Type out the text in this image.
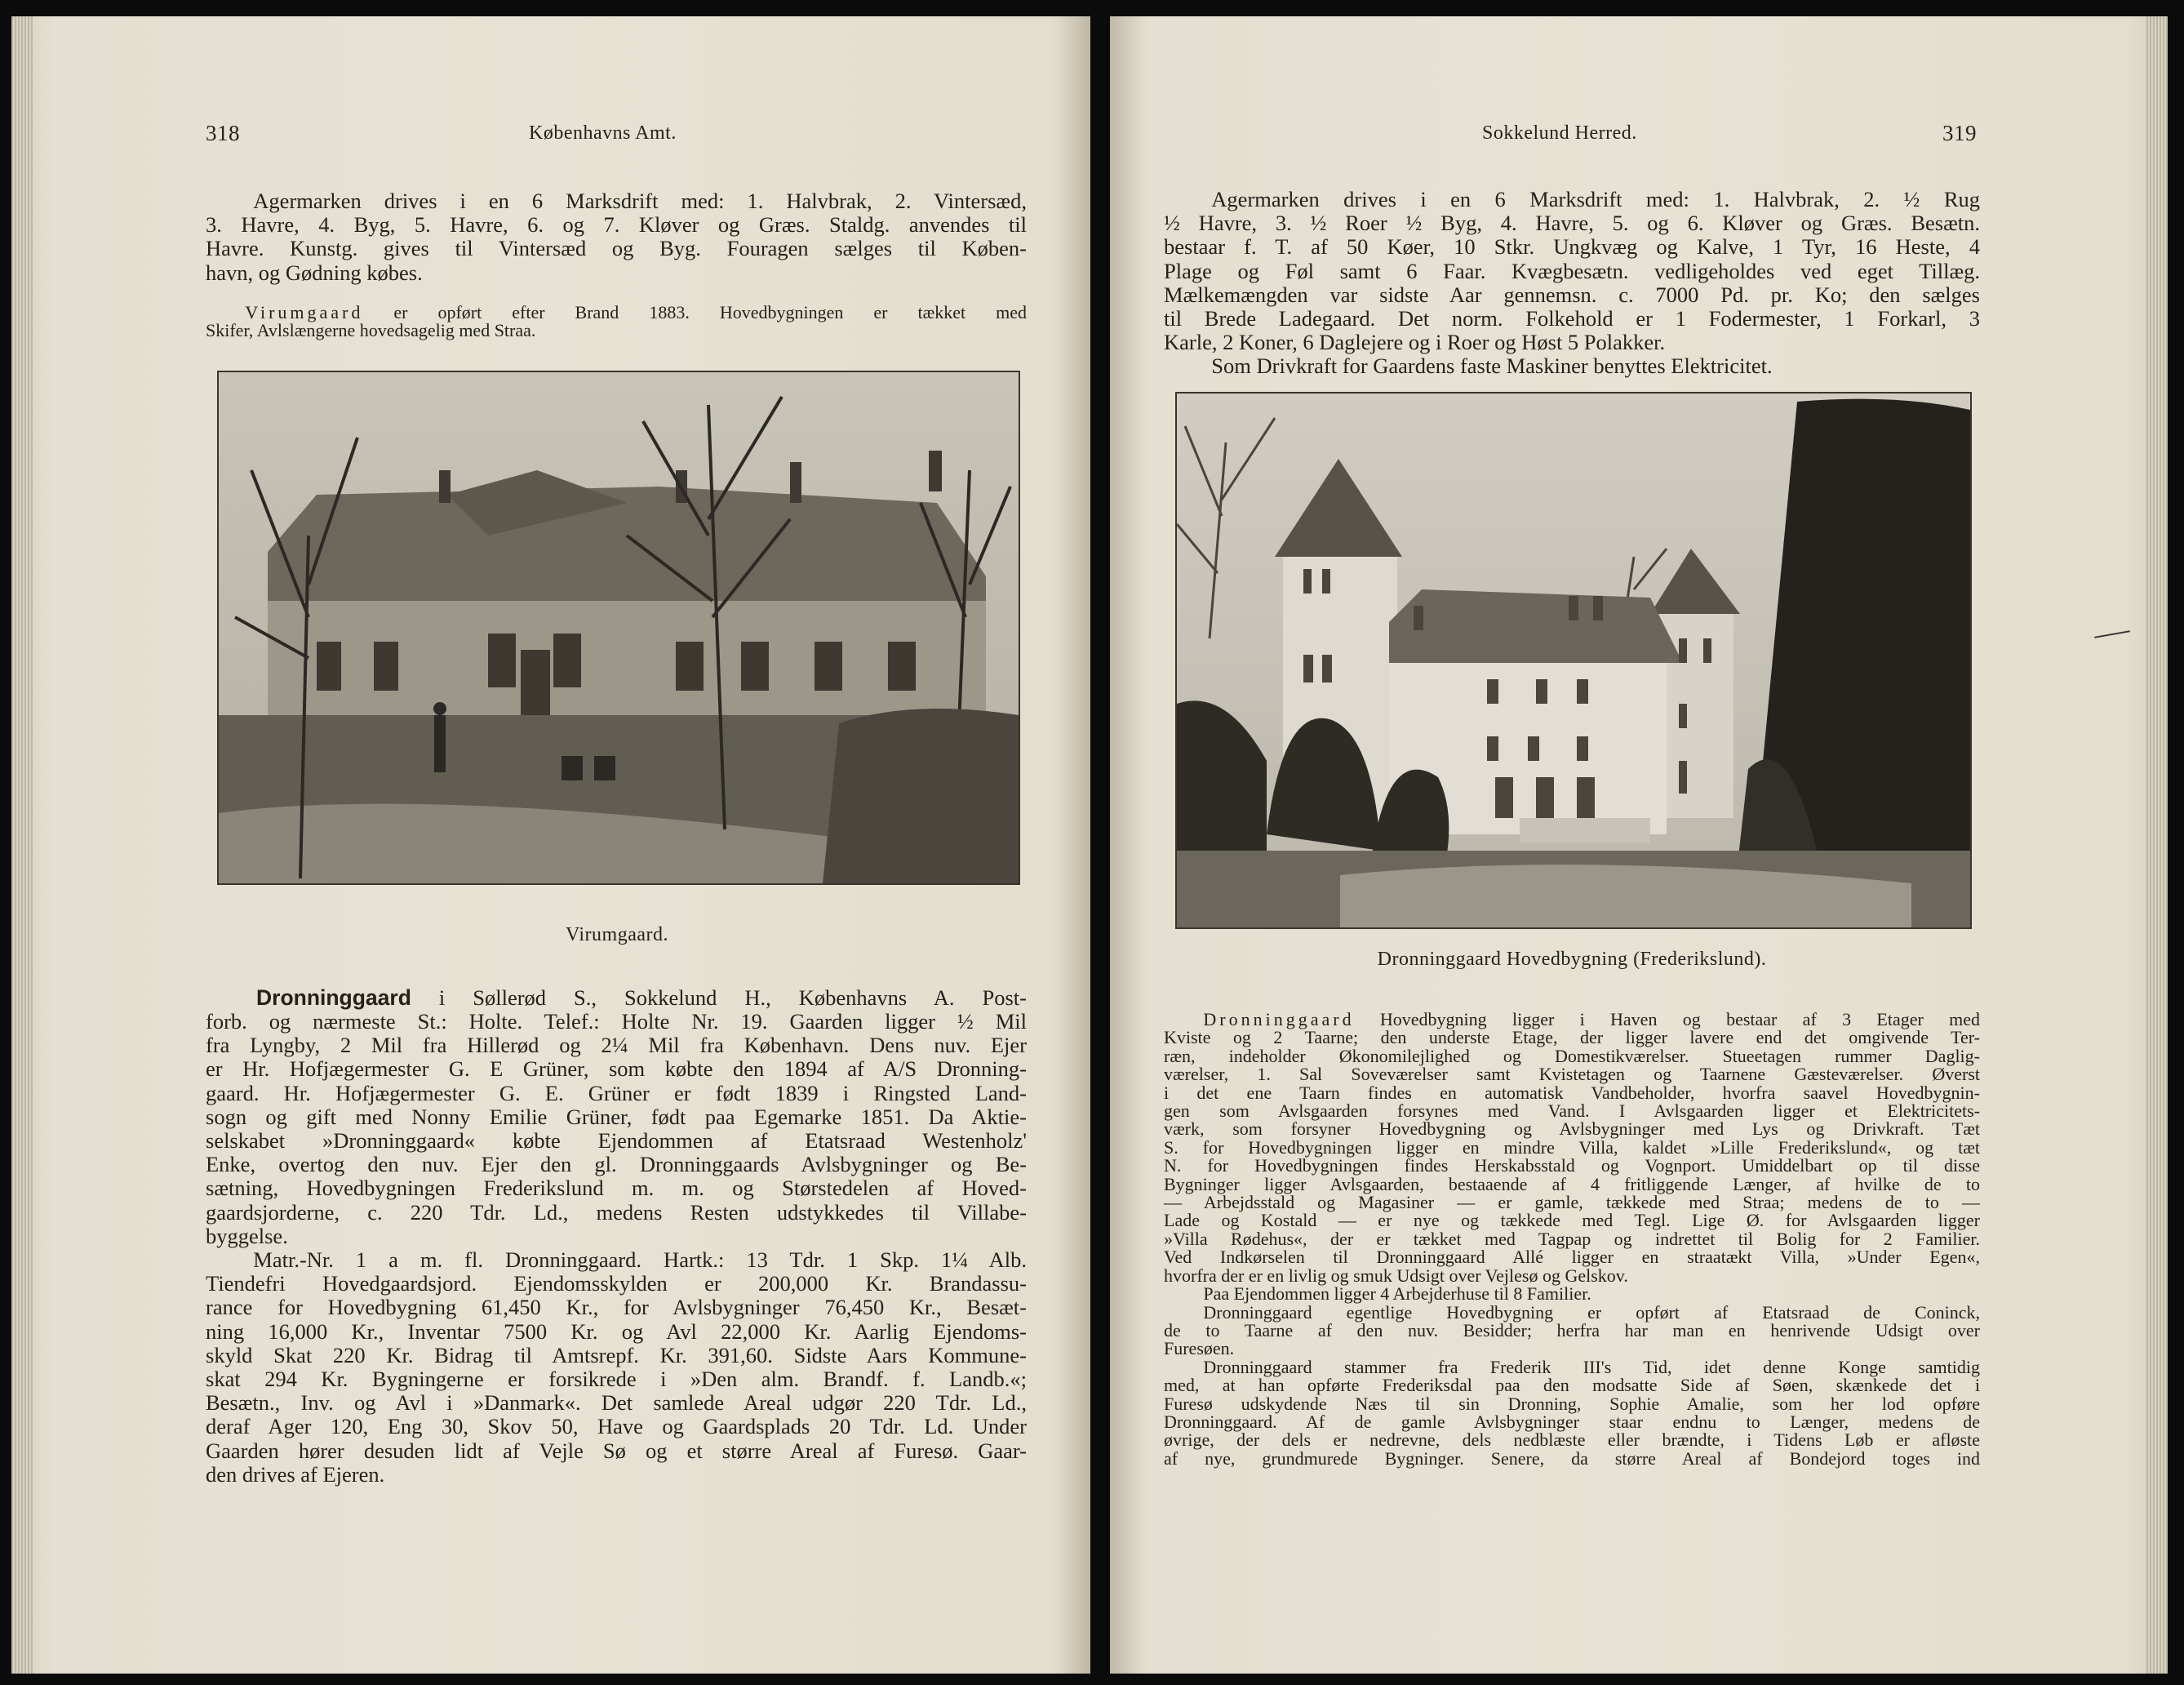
318	Københavns Amt.

Agermarken drives i en 6 Marksdrift med: 1. Halvbrak, 2. Vintersæd,

3. Havre, 4. Byg, 5. Havre, 6. og 7. Kløver og Græs. Staldg. anvendes til

Havre. Kunstg. gives til Vintersæd og Byg. Fouragen sælges til Køben-

havn, og Gødning købes.

Virumgaard er opført efter Brand 1883. Hovedbygningen er tækket med

Skifer, Avlslængerne hovedsagelig med Straa.

Virumgaard.

Dronninggaard i Søllerød S., Sokkelund H., Københavns A. Post-

forb. og nærmeste St.: Holte. Telef.: Holte Nr. 19. Gaarden ligger ½ Mil

fra Lyngby, 2 Mil fra Hillerød og 2¼ Mil fra København. Dens nuv. Ejer

er Hr. Hofjægermester G. E Grüner, som købte den 1894 af A/S Dronning-

gaard. Hr. Hofjægermester G. E. Grüner er født 1839 i Ringsted Land-

sogn og gift med Nonny Emilie Grüner, født paa Egemarke 1851. Da Aktie-

selskabet »Dronninggaard« købte Ejendommen af Etatsraad Westenholz'

Enke, overtog den nuv. Ejer den gl. Dronninggaards Avlsbygninger og Be-

sætning, Hovedbygningen Frederikslund m. m. og Størstedelen af Hoved-

gaardsjorderne, c. 220 Tdr. Ld., medens Resten udstykkedes til Villabe-

byggelse.

Matr.-Nr. 1 a m. fl. Dronninggaard. Hartk.: 13 Tdr. 1 Skp. 1¼ Alb.

Tiendefri Hovedgaardsjord. Ejendomsskylden er 200,000 Kr. Brandassu-

rance for Hovedbygning 61,450 Kr., for Avlsbygninger 76,450 Kr., Besæt-

ning 16,000 Kr., Inventar 7500 Kr. og Avl 22,000 Kr. Aarlig Ejendoms-

skyld Skat 220 Kr. Bidrag til Amtsrepf. Kr. 391,60. Sidste Aars Kommune-

skat 294 Kr. Bygningerne er forsikrede i »Den alm. Brandf. f. Landb.«;

Besætn., Inv. og Avl i »Danmark«. Det samlede Areal udgør 220 Tdr. Ld.,

deraf Ager 120, Eng 30, Skov 50, Have og Gaardsplads 20 Tdr. Ld. Under

Gaarden hører desuden lidt af Vejle Sø og et større Areal af Furesø. Gaar-

den drives af Ejeren.

Sokkelund Herred.	319

Agermarken drives i en 6 Marksdrift med: 1. Halvbrak, 2. ½ Rug

½ Havre, 3. ½ Roer ½ Byg, 4. Havre, 5. og 6. Kløver og Græs. Besætn.

bestaar f. T. af 50 Køer, 10 Stkr. Ungkvæg og Kalve, 1 Tyr, 16 Heste, 4

Plage og Føl samt 6 Faar. Kvægbesætn. vedligeholdes ved eget Tillæg.

Mælkemængden var sidste Aar gennemsn. c. 7000 Pd. pr. Ko; den sælges

til Brede Ladegaard. Det norm. Folkehold er 1 Fodermester, 1 Forkarl, 3

Karle, 2 Koner, 6 Daglejere og i Roer og Høst 5 Polakker.

Som Drivkraft for Gaardens faste Maskiner benyttes Elektricitet.

Dronninggaard Hovedbygning (Frederikslund).

Dronninggaard Hovedbygning ligger i Haven og bestaar af 3 Etager med

Kviste og 2 Taarne; den underste Etage, der ligger lavere end det omgivende Ter-

ræn, indeholder Økonomilejlighed og Domestikværelser. Stueetagen rummer Daglig-

værelser, 1. Sal Soveværelser samt Kvistetagen og Taarnene Gæsteværelser. Øverst

i det ene Taarn findes en automatisk Vandbeholder, hvorfra saavel Hovedbygnin-

gen som Avlsgaarden forsynes med Vand. I Avlsgaarden ligger et Elektricitets-

værk, som forsyner Hovedbygning og Avlsbygninger med Lys og Drivkraft. Tæt

S. for Hovedbygningen ligger en mindre Villa, kaldet »Lille Frederikslund«, og tæt

N. for Hovedbygningen findes Herskabsstald og Vognport. Umiddelbart op til disse

Bygninger ligger Avlsgaarden, bestaaende af 4 fritliggende Længer, af hvilke de to

— Arbejdsstald og Magasiner — er gamle, tækkede med Straa; medens de to —

Lade og Kostald — er nye og tækkede med Tegl. Lige Ø. for Avlsgaarden ligger

»Villa Rødehus«, der er tækket med Tagpap og indrettet til Bolig for 2 Familier.

Ved Indkørselen til Dronninggaard Allé ligger en straatækt Villa, »Under Egen«,

hvorfra der er en livlig og smuk Udsigt over Vejlesø og Gelskov.

Paa Ejendommen ligger 4 Arbejderhuse til 8 Familier.

Dronninggaard egentlige Hovedbygning er opført af Etatsraad de Coninck,

de to Taarne af den nuv. Besidder; herfra har man en henrivende Udsigt over

Furesøen.

Dronninggaard stammer fra Frederik III's Tid, idet denne Konge samtidig

med, at han opførte Frederiksdal paa den modsatte Side af Søen, skænkede det i

Furesø udskydende Næs til sin Dronning, Sophie Amalie, som her lod opføre

Dronninggaard. Af de gamle Avlsbygninger staar endnu to Længer, medens de

øvrige, der dels er nedrevne, dels nedblæste eller brændte, i Tidens Løb er afløste

af nye, grundmurede Bygninger. Senere, da større Areal af Bondejord toges ind
